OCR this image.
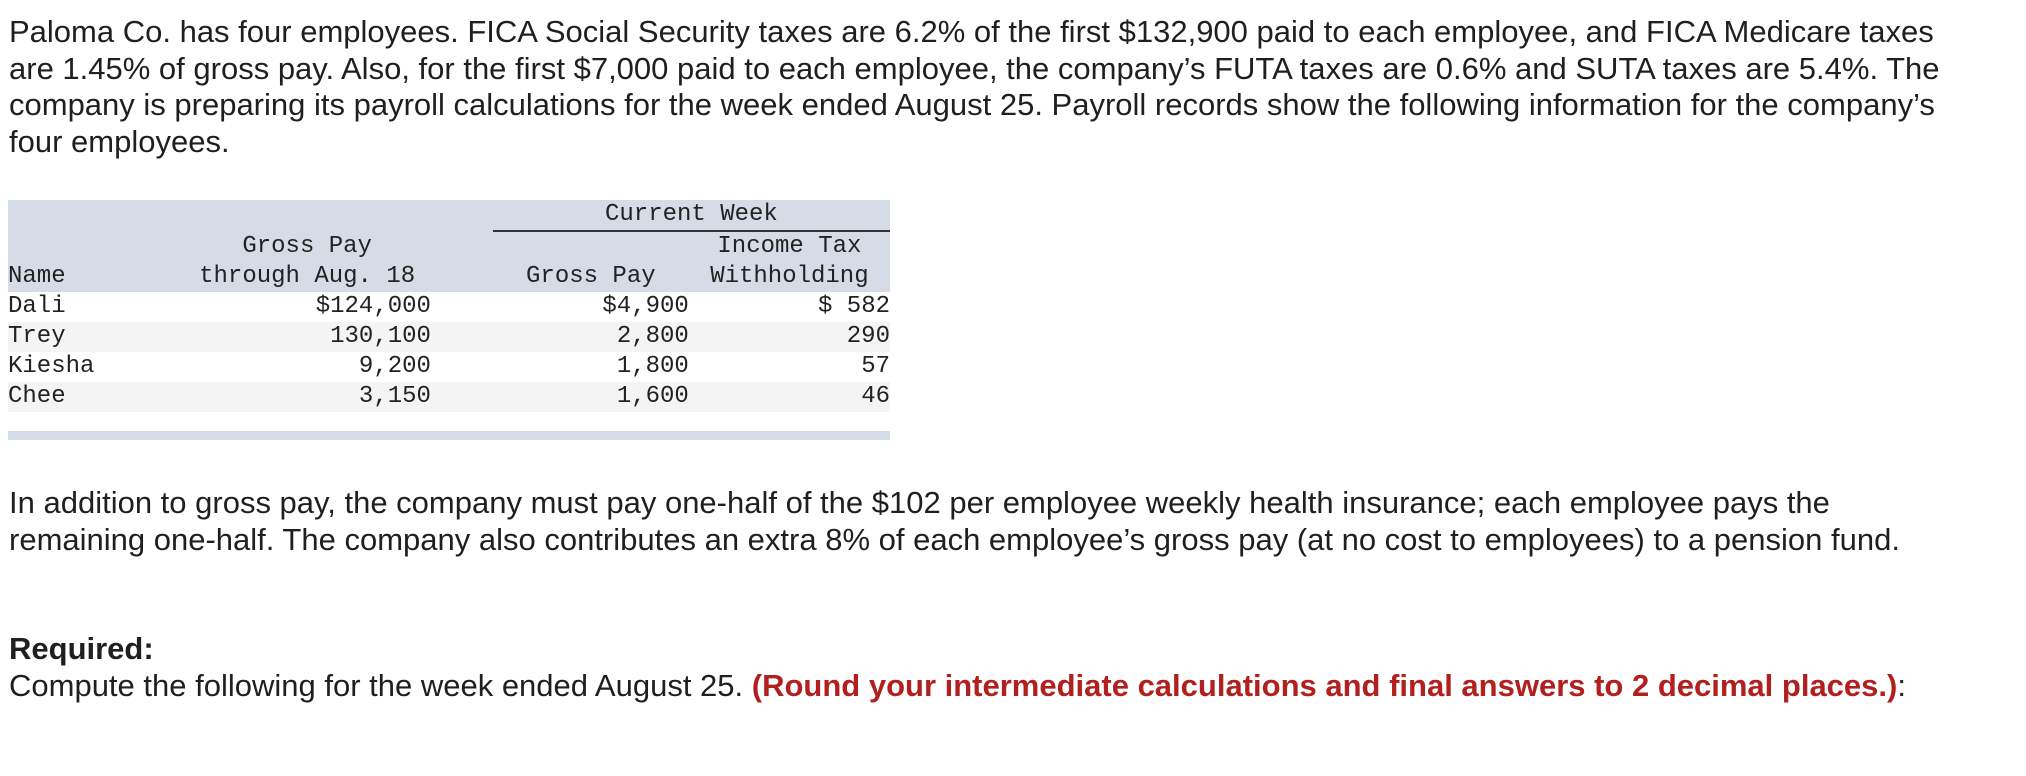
Paloma Co. has four employees. FICA Social Security taxes are 6.2% of the first $132,900 paid to each employee, and FICA Medicare taxes are 1.45% of gross pay. Also, for the first $7,000 paid to each employee, the company’s FUTA taxes are 0.6% and SUTA taxes are 5.4%. The company is preparing its payroll calculations for the week ended August 25. Payroll records show the following information for the company’s four employees.

			Current Week	
	Gross Pay			Income Tax
Name	through Aug. 18		Gross Pay	Withholding
Dali	$124,000		$4,900	$ 582
Trey	130,100		2,800	290
Kiesha	9,200		1,800	57
Chee	3,150		1,600	46

In addition to gross pay, the company must pay one-half of the $102 per employee weekly health insurance; each employee pays the remaining one-half. The company also contributes an extra 8% of each employee’s gross pay (at no cost to employees) to a pension fund.

Required:
Compute the following for the week ended August 25. (Round your intermediate calculations and final answers to 2 decimal places.):
